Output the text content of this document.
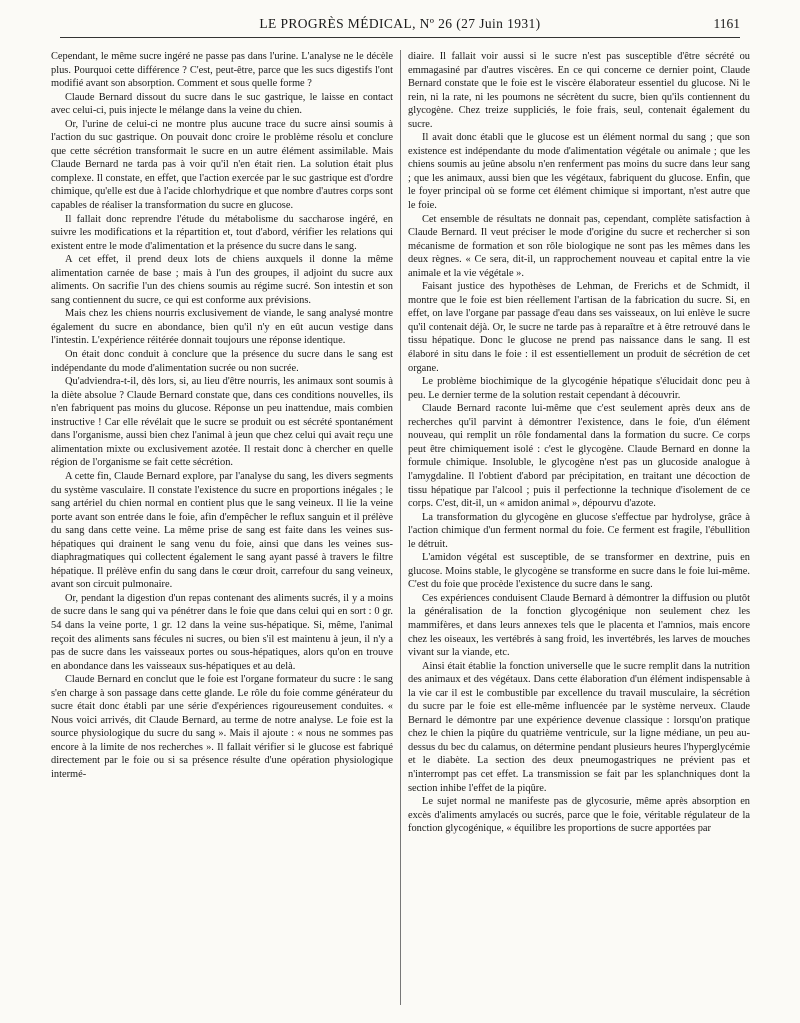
LE PROGRÈS MÉDICAL, Nº 26 (27 Juin 1931)	1161

Cependant, le même sucre ingéré ne passe pas dans l'urine. L'analyse ne le décèle plus. Pourquoi cette différence ? C'est, peut-être, parce que les sucs digestifs l'ont modifié avant son absorption. Comment et sous quelle forme ?

Claude Bernard dissout du sucre dans le suc gastrique, le laisse en contact avec celui-ci, puis injecte le mélange dans la veine du chien.

Or, l'urine de celui-ci ne montre plus aucune trace du sucre ainsi soumis à l'action du suc gastrique. On pouvait donc croire le problème résolu et conclure que cette sécrétion transformait le sucre en un autre élément assimilable. Mais Claude Bernard ne tarda pas à voir qu'il n'en était rien. La solution était plus complexe. Il constate, en effet, que l'action exercée par le suc gastrique est d'ordre chimique, qu'elle est due à l'acide chlorhydrique et que nombre d'autres corps sont capables de réaliser la transformation du sucre en glucose.

Il fallait donc reprendre l'étude du métabolisme du saccharose ingéré, en suivre les modifications et la répartition et, tout d'abord, vérifier les relations qui existent entre le mode d'alimentation et la présence du sucre dans le sang.

A cet effet, il prend deux lots de chiens auxquels il donne la même alimentation carnée de base ; mais à l'un des groupes, il adjoint du sucre aux aliments. On sacrifie l'un des chiens soumis au régime sucré. Son intestin et son sang contiennent du sucre, ce qui est conforme aux prévisions.

Mais chez les chiens nourris exclusivement de viande, le sang analysé montre également du sucre en abondance, bien qu'il n'y en eût aucun vestige dans l'intestin. L'expérience réitérée donnait toujours une réponse identique.

On était donc conduit à conclure que la présence du sucre dans le sang est indépendante du mode d'alimentation sucrée ou non sucrée.

Qu'adviendra-t-il, dès lors, si, au lieu d'être nourris, les animaux sont soumis à la diète absolue ? Claude Bernard constate que, dans ces conditions nouvelles, ils n'en fabriquent pas moins du glucose. Réponse un peu inattendue, mais combien instructive ! Car elle révélait que le sucre se produit ou est sécrété spontanément dans l'organisme, aussi bien chez l'animal à jeun que chez celui qui avait reçu une alimentation mixte ou exclusivement azotée. Il restait donc à chercher en quelle région de l'organisme se fait cette sécrétion.

A cette fin, Claude Bernard explore, par l'analyse du sang, les divers segments du système vasculaire. Il constate l'existence du sucre en proportions inégales ; le sang artériel du chien normal en contient plus que le sang veineux. Il lie la veine porte avant son entrée dans le foie, afin d'empêcher le reflux sanguin et il prélève du sang dans cette veine. La même prise de sang est faite dans les veines sus-hépatiques qui drainent le sang venu du foie, ainsi que dans les veines sus-diaphragmatiques qui collectent également le sang ayant passé à travers le filtre hépatique. Il prélève enfin du sang dans le cœur droit, carrefour du sang veineux, avant son circuit pulmonaire.

Or, pendant la digestion d'un repas contenant des aliments sucrés, il y a moins de sucre dans le sang qui va pénétrer dans le foie que dans celui qui en sort : 0 gr. 54 dans la veine porte, 1 gr. 12 dans la veine sus-hépatique. Si, même, l'animal reçoit des aliments sans fécules ni sucres, ou bien s'il est maintenu à jeun, il n'y a pas de sucre dans les vaisseaux portes ou sous-hépatiques, alors qu'on en trouve en abondance dans les vaisseaux sus-hépatiques et au delà.

Claude Bernard en conclut que le foie est l'organe formateur du sucre : le sang s'en charge à son passage dans cette glande. Le rôle du foie comme générateur du sucre était donc établi par une série d'expériences rigoureusement conduites. « Nous voici arrivés, dit Claude Bernard, au terme de notre analyse. Le foie est la source physiologique du sucre du sang ». Mais il ajoute : « nous ne sommes pas encore à la limite de nos recherches ». Il fallait vérifier si le glucose est fabriqué directement par le foie ou si sa présence résulte d'une opération physiologique intermé-

diaire. Il fallait voir aussi si le sucre n'est pas susceptible d'être sécrété ou emmagasiné par d'autres viscères. En ce qui concerne ce dernier point, Claude Bernard constate que le foie est le viscère élaborateur essentiel du glucose. Ni le rein, ni la rate, ni les poumons ne sécrètent du sucre, bien qu'ils contiennent du glycogène. Chez treize suppliciés, le foie frais, seul, contenait également du sucre.

Il avait donc établi que le glucose est un élément normal du sang ; que son existence est indépendante du mode d'alimentation végétale ou animale ; que les chiens soumis au jeûne absolu n'en renferment pas moins du sucre dans leur sang ; que les animaux, aussi bien que les végétaux, fabriquent du glucose. Enfin, que le foyer principal où se forme cet élément chimique si important, n'est autre que le foie.

Cet ensemble de résultats ne donnait pas, cependant, complète satisfaction à Claude Bernard. Il veut préciser le mode d'origine du sucre et rechercher si son mécanisme de formation et son rôle biologique ne sont pas les mêmes dans les deux règnes. « Ce sera, dit-il, un rapprochement nouveau et capital entre la vie animale et la vie végétale ».

Faisant justice des hypothèses de Lehman, de Frerichs et de Schmidt, il montre que le foie est bien réellement l'artisan de la fabrication du sucre. Si, en effet, on lave l'organe par passage d'eau dans ses vaisseaux, on lui enlève le sucre qu'il contenait déjà. Or, le sucre ne tarde pas à reparaître et à être retrouvé dans le tissu hépatique. Donc le glucose ne prend pas naissance dans le sang. Il est élaboré in situ dans le foie : il est essentiellement un produit de sécrétion de cet organe.

Le problème biochimique de la glycogénie hépatique s'élucidait donc peu à peu. Le dernier terme de la solution restait cependant à découvrir.

Claude Bernard raconte lui-même que c'est seulement après deux ans de recherches qu'il parvint à démontrer l'existence, dans le foie, d'un élément nouveau, qui remplit un rôle fondamental dans la formation du sucre. Ce corps peut être chimiquement isolé : c'est le glycogène. Claude Bernard en donne la formule chimique. Insoluble, le glycogène n'est pas un glucoside analogue à l'amygdaline. Il l'obtient d'abord par précipitation, en traitant une décoction de tissu hépatique par l'alcool ; puis il perfectionne la technique d'isolement de ce corps. C'est, dit-il, un « amidon animal », dépourvu d'azote.

La transformation du glycogène en glucose s'effectue par hydrolyse, grâce à l'action chimique d'un ferment normal du foie. Ce ferment est fragile, l'ébullition le détruit.

L'amidon végétal est susceptible, de se transformer en dextrine, puis en glucose. Moins stable, le glycogène se transforme en sucre dans le foie lui-même. C'est du foie que procède l'existence du sucre dans le sang.

Ces expériences conduisent Claude Bernard à démontrer la diffusion ou plutôt la généralisation de la fonction glycogénique non seulement chez les mammifères, et dans leurs annexes tels que le placenta et l'amnios, mais encore chez les oiseaux, les vertébrés à sang froid, les invertébrés, les larves de mouches vivant sur la viande, etc.

Ainsi était établie la fonction universelle que le sucre remplit dans la nutrition des animaux et des végétaux. Dans cette élaboration d'un élément indispensable à la vie car il est le combustible par excellence du travail musculaire, la sécrétion du sucre par le foie est elle-même influencée par le système nerveux. Claude Bernard le démontre par une expérience devenue classique : lorsqu'on pratique chez le chien la piqûre du quatrième ventricule, sur la ligne médiane, un peu au-dessus du bec du calamus, on détermine pendant plusieurs heures l'hyperglycémie et le diabète. La section des deux pneumogastriques ne prévient pas et n'interrompt pas cet effet. La transmission se fait par les splanchniques dont la section inhibe l'effet de la piqûre.

Le sujet normal ne manifeste pas de glycosurie, même après absorption en excès d'aliments amylacés ou sucrés, parce que le foie, véritable régulateur de la fonction glycogénique, « équilibre les proportions de sucre apportées par
